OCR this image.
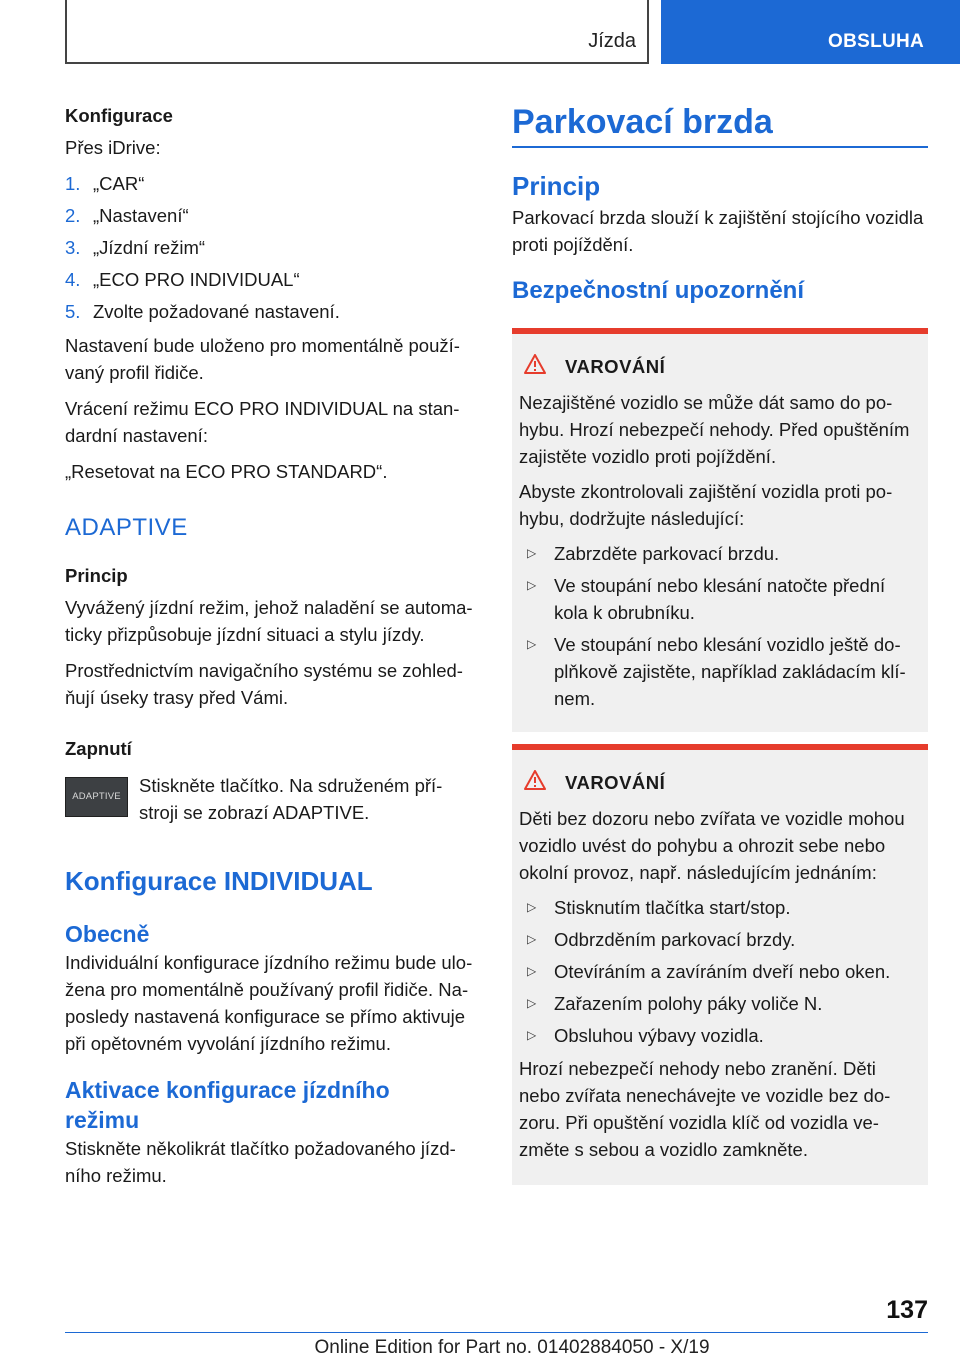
Jízda	OBSLUHA
Konfigurace

Přes iDrive:

1. „CAR“
2. „Nastavení“
3. „Jízdní režim“
4. „ECO PRO INDIVIDUAL“
5. Zvolte požadované nastavení.

Nastavení bude uloženo pro momentálně používaný profil řidiče.

Vrácení režimu ECO PRO INDIVIDUAL na standardní nastavení:

„Resetovat na ECO PRO STANDARD“.

ADAPTIVE
Princip

Vyvážený jízdní režim, jehož naladění se automaticky přizpůsobuje jízdní situaci a stylu jízdy.

Prostřednictvím navigačního systému se zohledňují úseky trasy před Vámi.

Zapnutí
ADAPTIVE

Stiskněte tlačítko. Na sdruženém přístroji se zobrazí ADAPTIVE.

Konfigurace INDIVIDUAL
Obecně

Individuální konfigurace jízdního režimu bude uložena pro momentálně používaný profil řidiče. Naposledy nastavená konfigurace se přímo aktivuje při opětovném vyvolání jízdního režimu.

Aktivace konfigurace jízdního režimu

Stiskněte několikrát tlačítko požadovaného jízdního režimu.

Parkovací brzda
Princip

Parkovací brzda slouží k zajištění stojícího vozidla proti pojíždění.

Bezpečnostní upozornění
VAROVÁNÍ

Nezajištěné vozidlo se může dát samo do pohybu. Hrozí nebezpečí nehody. Před opuštěním zajistěte vozidlo proti pojíždění.

Abyste zkontrolovali zajištění vozidla proti pohybu, dodržujte následující:

▷ Zabrzděte parkovací brzdu.
▷ Ve stoupání nebo klesání natočte přední kola k obrubníku.
▷ Ve stoupání nebo klesání vozidlo ještě doplňkově zajistěte, například zakládacím klínem.
VAROVÁNÍ

Děti bez dozoru nebo zvířata ve vozidle mohou vozidlo uvést do pohybu a ohrozit sebe nebo okolní provoz, např. následujícím jednáním:

▷ Stisknutím tlačítka start/stop.
▷ Odbrzděním parkovací brzdy.
▷ Otevíráním a zavíráním dveří nebo oken.
▷ Zařazením polohy páky voliče N.
▷ Obsluhou výbavy vozidla.

Hrozí nebezpečí nehody nebo zranění. Děti nebo zvířata nenechávejte ve vozidle bez dozoru. Při opuštění vozidla klíč od vozidla vezměte s sebou a vozidlo zamkněte.

137
Online Edition for Part no. 01402884050 - X/19
